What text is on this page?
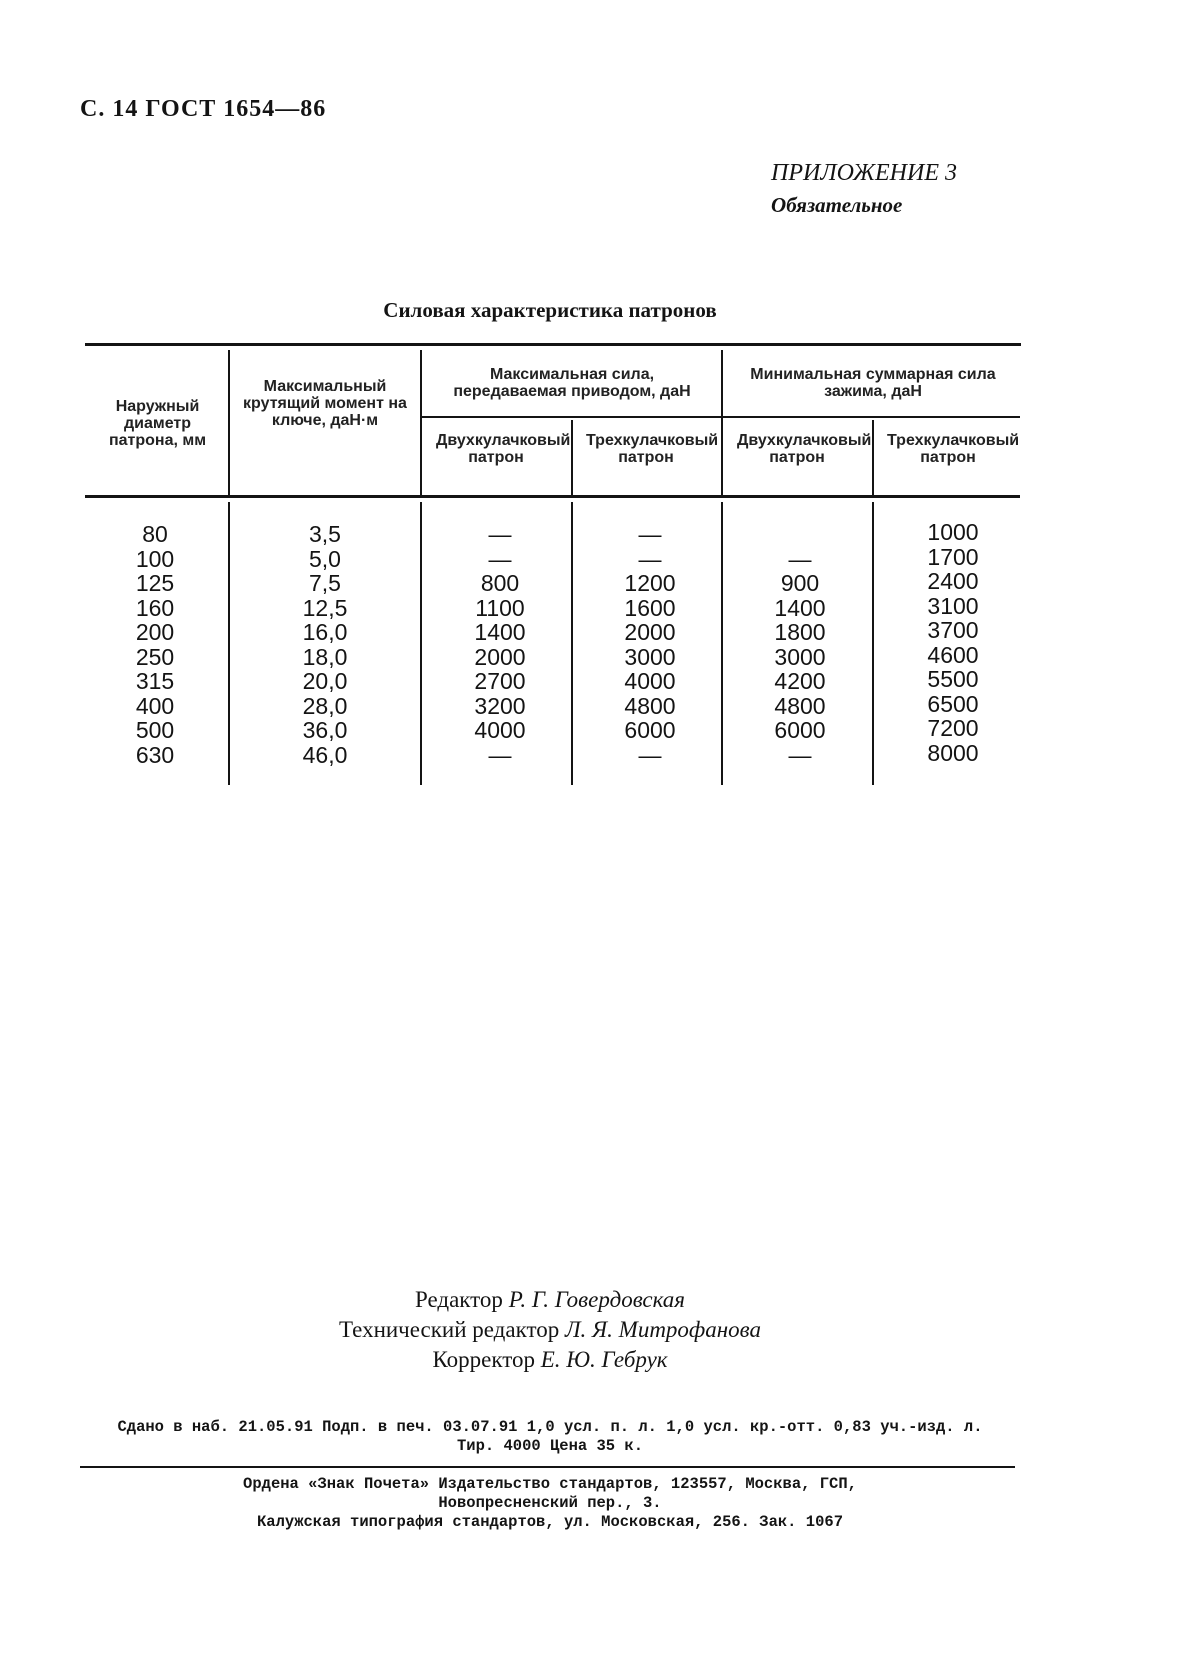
С. 14 ГОСТ 1654—86
ПРИЛОЖЕНИЕ 3
Обязательное
Силовая характеристика патронов
Наружный диаметр патрона, мм
Максимальный крутящий момент на ключе, даН·м
Максимальная сила, передаваемая приводом, даН
Минимальная суммарная сила зажима, даН
Двухкулачковый патрон
Трехкулачковый патрон
Двухкулачковый патрон
Трехкулачковый патрон
80
100
125
160
200
250
315
400
500
630
3,5
5,0
7,5
12,5
16,0
18,0
20,0
28,0
36,0
46,0
—
—
800
1100
1400
2000
2700
3200
4000
—
—
—
1200
1600
2000
3000
4000
4800
6000
—
—
900
1400
1800
3000
4200
4800
6000
—
1000
1700
2400
3100
3700
4600
5500
6500
7200
8000
Редактор Р. Г. Говердовская
Технический редактор Л. Я. Митрофанова
Корректор Е. Ю. Гебрук
Сдано в наб. 21.05.91 Подп. в печ. 03.07.91 1,0 усл. п. л. 1,0 усл. кр.-отт. 0,83 уч.-изд. л.
Тир. 4000 Цена 35 к.
Ордена «Знак Почета» Издательство стандартов, 123557, Москва, ГСП,
Новопресненский пер., 3.
Калужская типография стандартов, ул. Московская, 256. Зак. 1067
